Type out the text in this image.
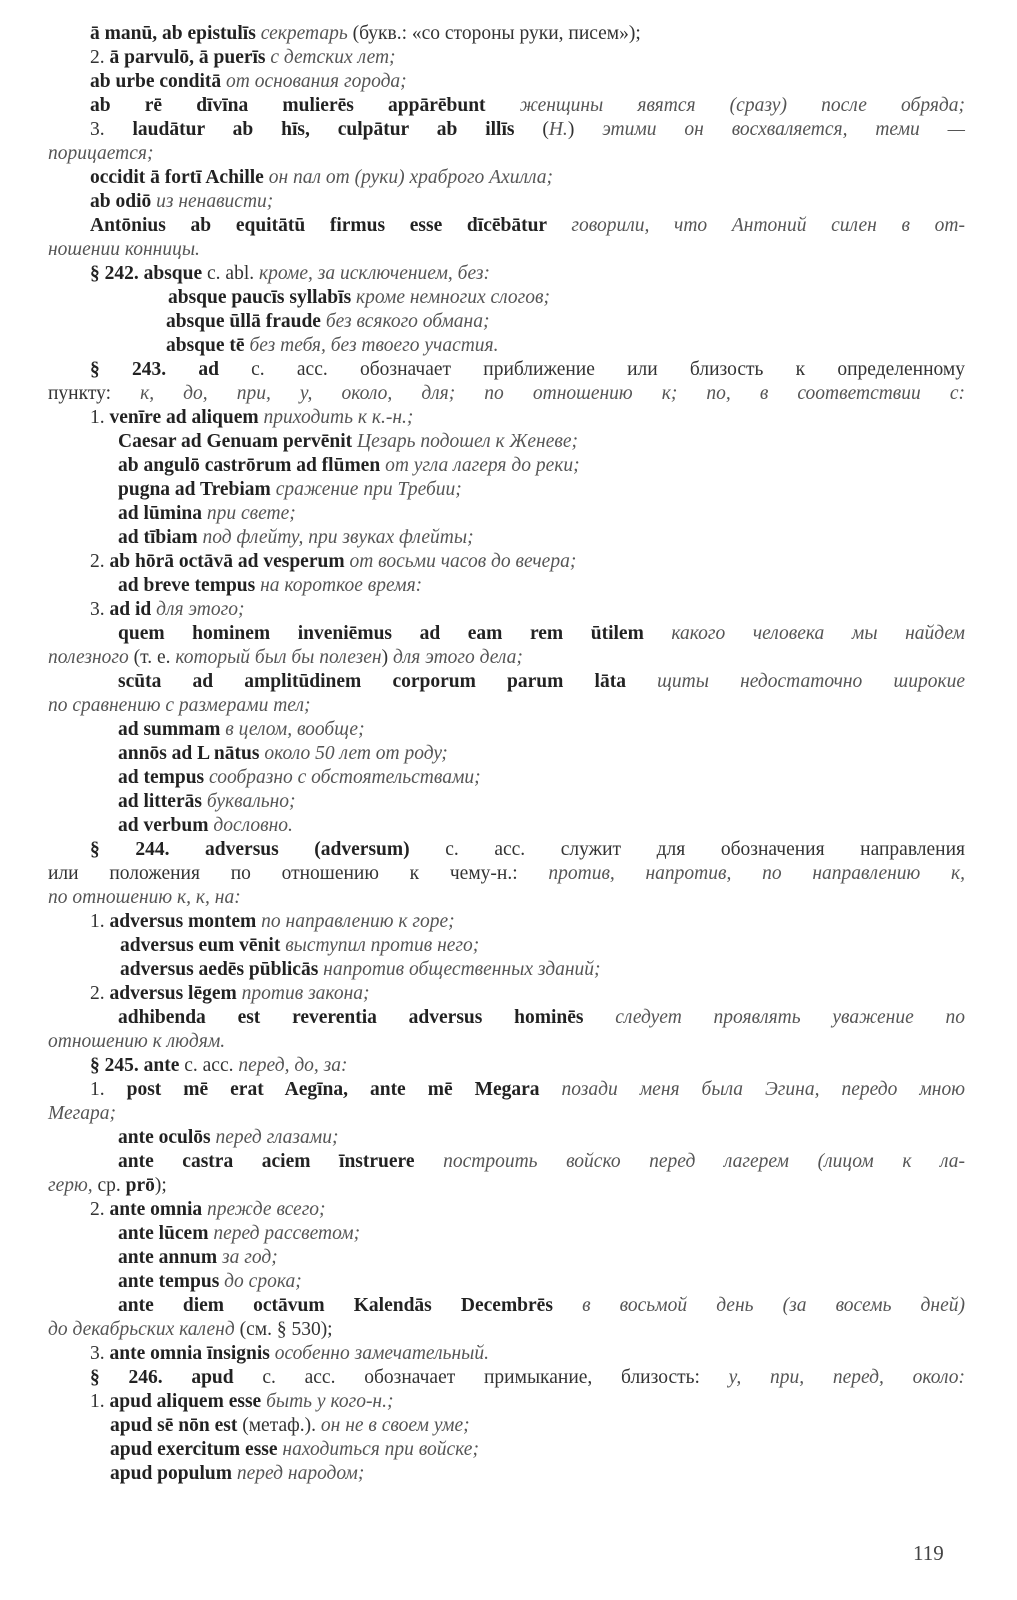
ā manū, ab epistulīs секретарь (букв.: «со стороны руки, писем»);
2. ā parvulō, ā puerīs с детских лет;
ab urbe conditā от основания города;
ab rē dīvīna mulierēs appārēbunt женщины явятся (сразу) после обряда;
3. laudātur ab hīs, culpātur ab illīs (H.) этими он восхваляется, теми —
порицается;
occidit ā fortī Achille он пал от (руки) храброго Ахилла;
ab odiō из ненависти;
Antōnius ab equitātū firmus esse dīcēbātur говорили, что Антоний силен в от-
ношении конницы.
§ 242. absque c. abl. кроме, за исключением, без:
absque paucīs syllabīs кроме немногих слогов;
absque ūllā fraude без всякого обмана;
absque tē без тебя, без твоего участия.
§ 243. ad c. acc. обозначает приближение или близость к определенному
пункту: к, до, при, у, около, для; по отношению к; по, в соответствии с:
1. venīre ad aliquem приходить к к.-н.;
Caesar ad Genuam pervēnit Цезарь подошел к Женеве;
ab angulō castrōrum ad flūmen от угла лагеря до реки;
pugna ad Trebiam сражение при Требии;
ad lūmina при свете;
ad tībiam под флейту, при звуках флейты;
2. ab hōrā octāvā ad vesperum от восьми часов до вечера;
ad breve tempus на короткое время:
3. ad id для этого;
quem hominem inveniēmus ad eam rem ūtilem какого человека мы найдем
полезного (т. е. который был бы полезен) для этого дела;
scūta ad amplitūdinem corporum parum lāta щиты недостаточно широкие
по сравнению с размерами тел;
ad summam в целом, вообще;
annōs ad L nātus около 50 лет от роду;
ad tempus сообразно с обстоятельствами;
ad litterās буквально;
ad verbum дословно.
§ 244. adversus (adversum) c. acc. служит для обозначения направления
или положения по отношению к чему-н.: против, напротив, по направлению к,
по отношению к, к, на:
1. adversus montem по направлению к горе;
adversus eum vēnit выступил против него;
adversus aedēs pūblicās напротив общественных зданий;
2. adversus lēgem против закона;
adhibenda est reverentia adversus hominēs следует проявлять уважение по
отношению к людям.
§ 245. ante c. acc. перед, до, за:
1. post mē erat Aegīna, ante mē Megara позади меня была Эгина, передо мною
Мегара;
ante oculōs перед глазами;
ante castra aciem īnstruere построить войско перед лагерем (лицом к ла-
герю, ср. prō);
2. ante omnia прежде всего;
ante lūcem перед рассветом;
ante annum за год;
ante tempus до срока;
ante diem octāvum Kalendās Decembrēs в восьмой день (за восемь дней)
до декабрьских календ (см. § 530);
3. ante omnia īnsignis особенно замечательный.
§ 246. apud c. acc. обозначает примыкание, близость: у, при, перед, около:
1. apud aliquem esse быть у кого-н.;
apud sē nōn est (метаф.). он не в своем уме;
apud exercitum esse находиться при войске;
apud populum перед народом;
119
